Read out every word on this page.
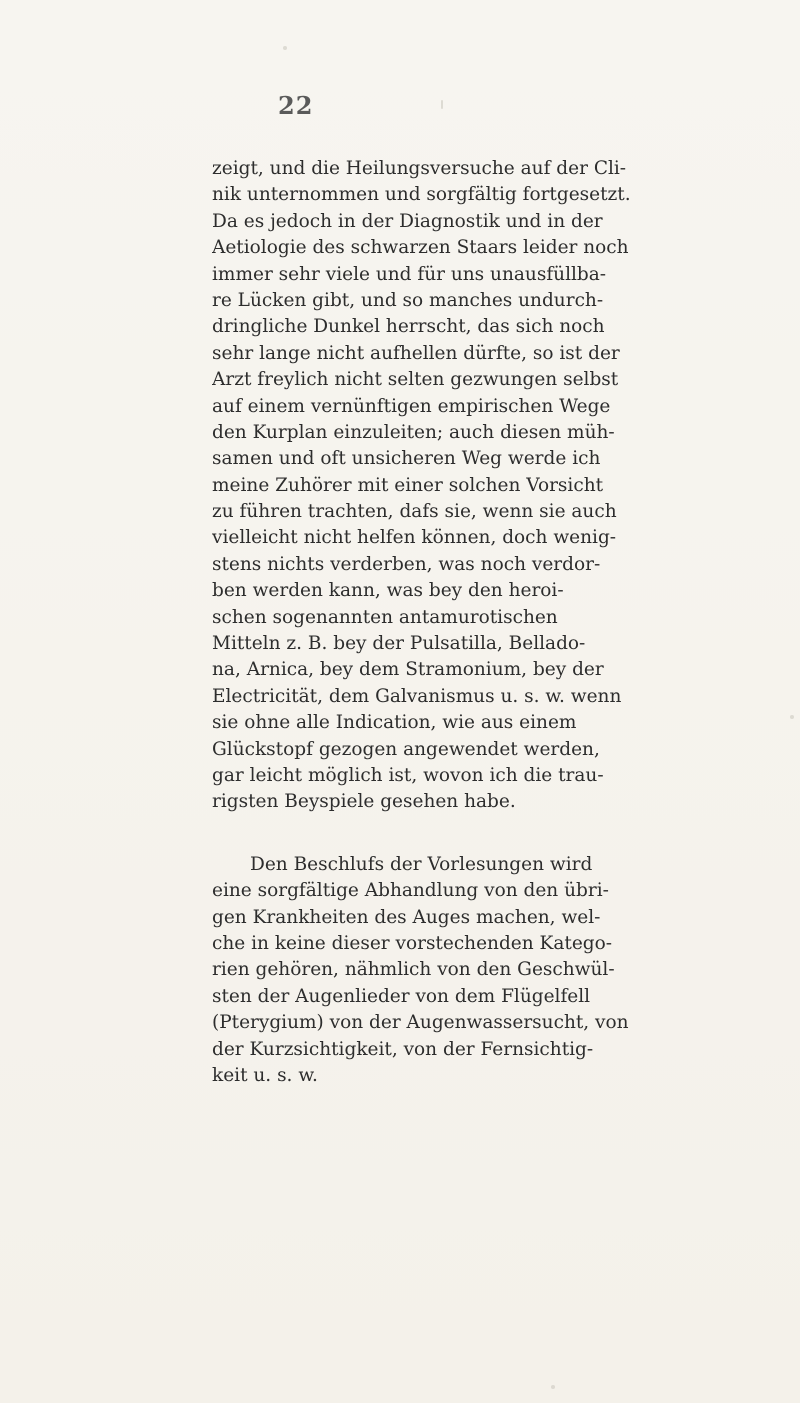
22
zeigt, und die Heilungsversuche auf der Cli-
nik unternommen und sorgfältig fortgesetzt.
Da es jedoch in der Diagnostik und in der
Aetiologie des schwarzen Staars leider noch
immer sehr viele und für uns unausfüllba-
re Lücken gibt, und so manches undurch-
dringliche Dunkel herrscht, das sich noch
sehr lange nicht aufhellen dürfte, so ist der
Arzt freylich nicht selten gezwungen selbst
auf einem vernünftigen empirischen Wege
den Kurplan einzuleiten; auch diesen müh-
samen und oft unsicheren Weg werde ich
meine Zuhörer mit einer solchen Vorsicht
zu führen trachten, dafs sie, wenn sie auch
vielleicht nicht helfen können, doch wenig-
stens nichts verderben, was noch verdor-
ben werden kann, was bey den heroi-
schen sogenannten antamurotischen
Mitteln z. B. bey der Pulsatilla, Bellado-
na, Arnica, bey dem Stramonium, bey der
Electricität, dem Galvanismus u. s. w. wenn
sie ohne alle Indication, wie aus einem
Glückstopf gezogen angewendet werden,
gar leicht möglich ist, wovon ich die trau-
rigsten Beyspiele gesehen habe.
Den Beschlufs der Vorlesungen wird
eine sorgfältige Abhandlung von den übri-
gen Krankheiten des Auges machen, wel-
che in keine dieser vorstechenden Katego-
rien gehören, nähmlich von den Geschwül-
sten der Augenlieder von dem Flügelfell
(Pterygium) von der Augenwassersucht, von
der Kurzsichtigkeit, von der Fernsichtig-
keit u. s. w.
